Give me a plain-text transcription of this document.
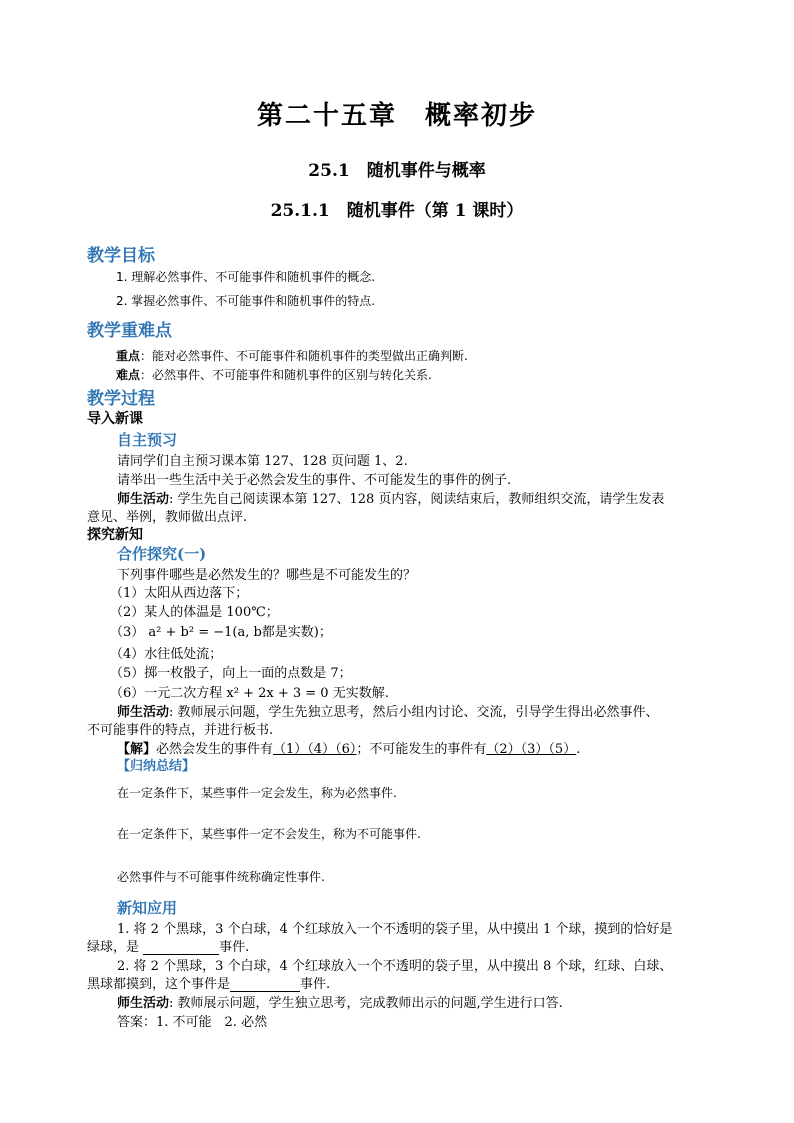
第二十五章　概率初步
25.1　随机事件与概率
25.1.1　随机事件（第 1 课时）
教学目标
1. 理解必然事件、不可能事件和随机事件的概念.
2. 掌握必然事件、不可能事件和随机事件的特点.
教学重难点
重点：能对必然事件、不可能事件和随机事件的类型做出正确判断.
难点：必然事件、不可能事件和随机事件的区别与转化关系.
教学过程
导入新课
自主预习
请同学们自主预习课本第 127、128 页问题 1、2.
请举出一些生活中关于必然会发生的事件、不可能发生的事件的例子.
师生活动: 学生先自己阅读课本第 127、128 页内容，阅读结束后，教师组织交流，请学生发表
意见、举例，教师做出点评.
探究新知
合作探究(一)
下列事件哪些是必然发生的？哪些是不可能发生的？
（1）太阳从西边落下；
（2）某人的体温是 100℃；
（3） a² + b² = −1(a, b都是实数)；
（4）水往低处流；
（5）掷一枚骰子，向上一面的点数是 7；
（6）一元二次方程 x² + 2x + 3 = 0 无实数解.
师生活动: 教师展示问题，学生先独立思考，然后小组内讨论、交流，引导学生得出必然事件、
不可能事件的特点，并进行板书.
【解】必然会发生的事件有（1）（4）（6）；不可能发生的事件有（2）（3）（5）.
【归纳总结】
在一定条件下，某些事件一定会发生，称为必然事件.
在一定条件下，某些事件一定不会发生，称为不可能事件.
必然事件与不可能事件统称确定性事件.
新知应用
1. 将 2 个黑球，3 个白球，4 个红球放入一个不透明的袋子里，从中摸出 1 个球，摸到的恰好是
绿球，是	事件.
2. 将 2 个黑球，3 个白球，4 个红球放入一个不透明的袋子里，从中摸出 8 个球，红球、白球、
黑球都摸到，这个事件是	事件.
师生活动: 教师展示问题，学生独立思考，完成教师出示的问题,学生进行口答.
答案：1. 不可能　2. 必然
